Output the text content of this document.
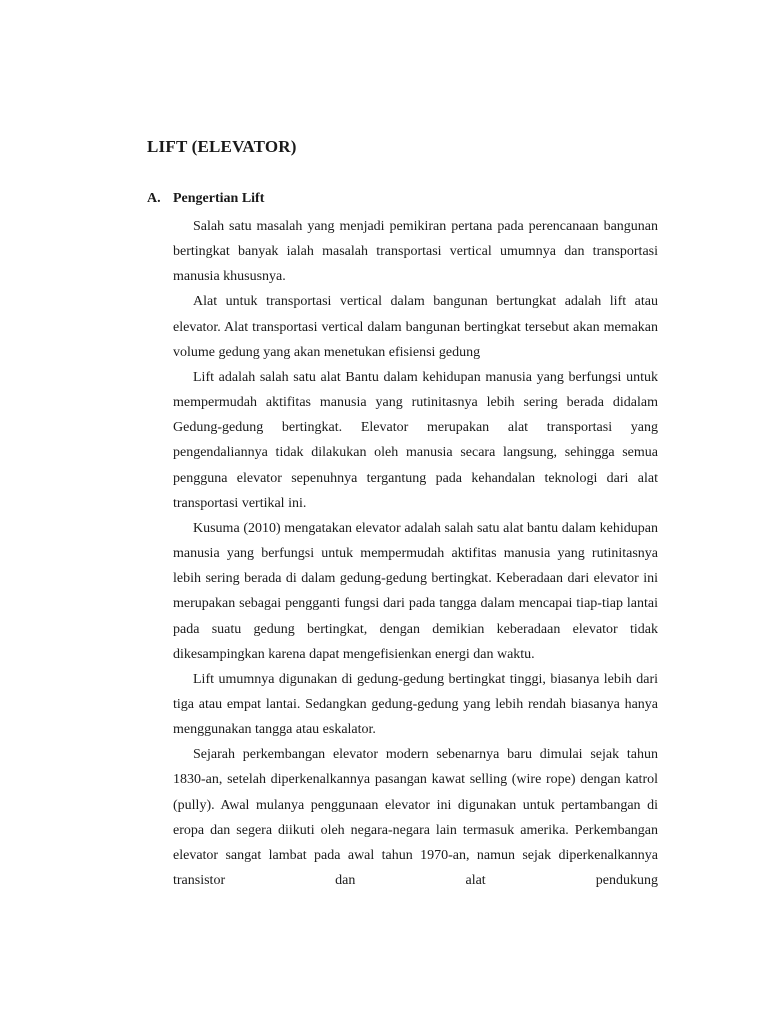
LIFT (ELEVATOR)
A. Pengertian Lift

Salah satu masalah yang menjadi pemikiran pertana pada perencanaan bangunan bertingkat banyak ialah masalah transportasi vertical umumnya dan transportasi manusia khususnya.

Alat untuk transportasi vertical dalam bangunan bertungkat adalah lift atau elevator. Alat transportasi vertical dalam bangunan bertingkat tersebut akan memakan volume gedung yang akan menetukan efisiensi gedung

Lift adalah salah satu alat Bantu dalam kehidupan manusia yang berfungsi untuk mempermudah aktifitas manusia yang rutinitasnya lebih sering berada didalam Gedung-gedung bertingkat. Elevator merupakan alat transportasi yang pengendaliannya tidak dilakukan oleh manusia secara langsung, sehingga semua pengguna elevator sepenuhnya tergantung pada kehandalan teknologi dari alat transportasi vertikal ini.

Kusuma (2010) mengatakan elevator adalah salah satu alat bantu dalam kehidupan manusia yang berfungsi untuk mempermudah aktifitas manusia yang rutinitasnya lebih sering berada di dalam gedung-gedung bertingkat. Keberadaan dari elevator ini merupakan sebagai pengganti fungsi dari pada tangga dalam mencapai tiap-tiap lantai pada suatu gedung bertingkat, dengan demikian keberadaan elevator tidak dikesampingkan karena dapat mengefisienkan energi dan waktu.

Lift umumnya digunakan di gedung-gedung bertingkat tinggi, biasanya lebih dari tiga atau empat lantai. Sedangkan gedung-gedung yang lebih rendah biasanya hanya menggunakan tangga atau eskalator.

Sejarah perkembangan elevator modern sebenarnya baru dimulai sejak tahun 1830-an, setelah diperkenalkannya pasangan kawat selling (wire rope) dengan katrol (pully). Awal mulanya penggunaan elevator ini digunakan untuk pertambangan di eropa dan segera diikuti oleh negara-negara lain termasuk amerika. Perkembangan elevator sangat lambat pada awal tahun 1970-an, namun sejak diperkenalkannya transistor dan alat pendukung
